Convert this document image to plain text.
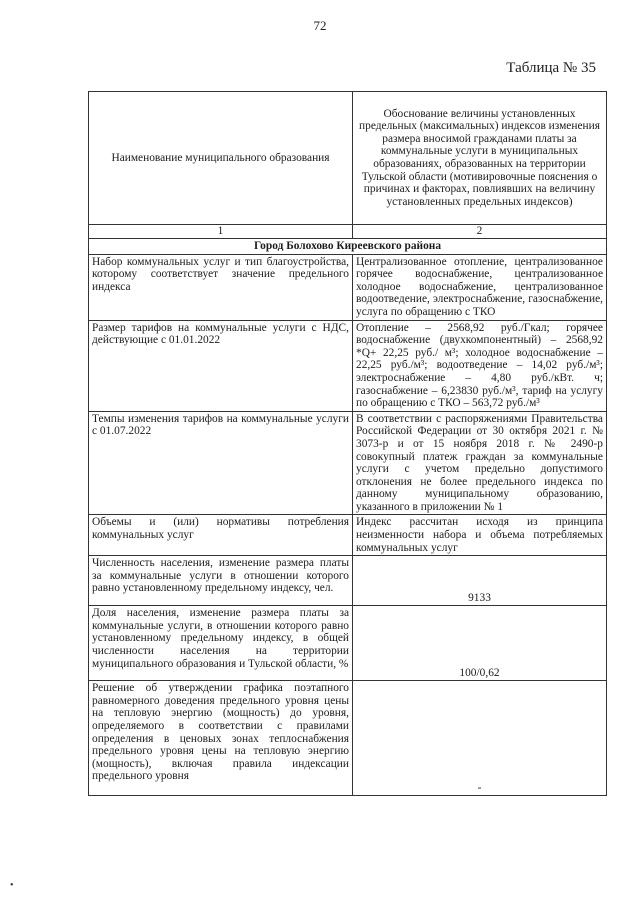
72
Таблица № 35
Наименование муниципального образования	Обоснование величины установленных предельных (максимальных) индексов изменения размера вносимой гражданами платы за коммунальные услуги в муниципальных образованиях, образованных на территории Тульской области (мотивировочные пояснения о причинах и факторах, повлиявших на величину установленных предельных индексов)
1	2
Город Болохово Киреевского района	
Набор коммунальных услуг и тип благоустройства, которому соответствует значение предельного индекса	Централизованное отопление, централизованное горячее водоснабжение, централизованное холодное водоснабжение, централизованное водоотведение, электроснабжение, газоснабжение, услуга по обращению с ТКО
Размер тарифов на коммунальные услуги с НДС, действующие с 01.01.2022	Отопление – 2568,92 руб./Гкал; горячее водоснабжение (двухкомпонентный) – 2568,92 *Q+ 22,25 руб./ м³; холодное водоснабжение – 22,25 руб./м³; водоотведение – 14,02 руб./м³; электроснабжение – 4,80 руб./кВт. ч; газоснабжение – 6,23830 руб./м³, тариф на услугу по обращению с ТКО – 563,72 руб./м³
Темпы изменения тарифов на коммунальные услуги с 01.07.2022	В соответствии с распоряжениями Правительства Российской Федерации от 30 октября 2021 г. № 3073-р и от 15 ноября 2018 г. № 2490-р совокупный платеж граждан за коммунальные услуги с учетом предельно допустимого отклонения не более предельного индекса по данному муниципальному образованию, указанного в приложении № 1
Объемы и (или) нормативы потребления коммунальных услуг	Индекс рассчитан исходя из принципа неизменности набора и объема потребляемых коммунальных услуг
Численность населения, изменение размера платы за коммунальные услуги в отношении которого равно установленному предельному индексу, чел.	9133
Доля населения, изменение размера платы за коммунальные услуги, в отношении которого равно установленному предельному индексу, в общей численности населения на территории муниципального образования и Тульской области, %	100/0,62
Решение об утверждении графика поэтапного равномерного доведения предельного уровня цены на тепловую энергию (мощность) до уровня, определяемого в соответствии с правилами определения в ценовых зонах теплоснабжения предельного уровня цены на тепловую энергию (мощность), включая правила индексации предельного уровня	-
•
